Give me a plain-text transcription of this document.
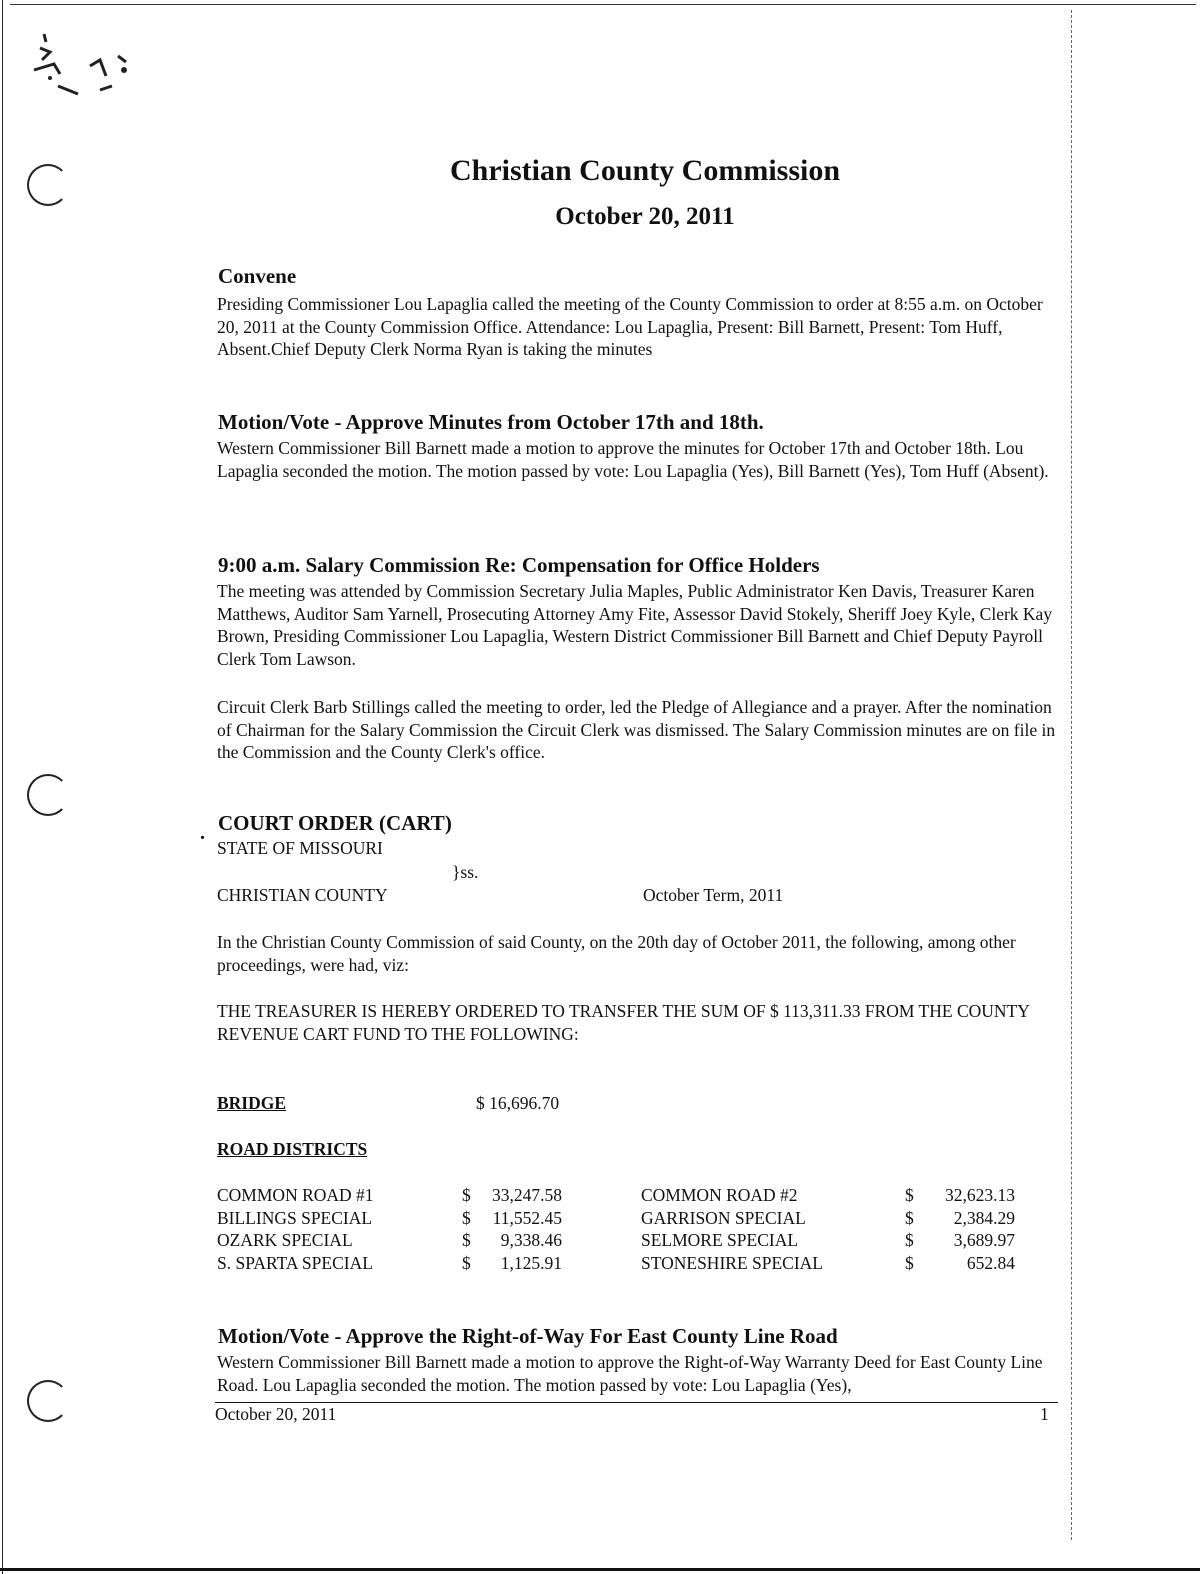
Christian County Commission
October 20, 2011
Convene
Presiding Commissioner Lou Lapaglia called the meeting of the County Commission to order at 8:55 a.m. on October 20, 2011 at the County Commission Office. Attendance: Lou Lapaglia, Present: Bill Barnett, Present: Tom Huff, Absent.Chief Deputy Clerk Norma Ryan is taking the minutes
Motion/Vote - Approve Minutes from October 17th and 18th.
Western Commissioner Bill Barnett made a motion to approve the minutes for October 17th and October 18th. Lou Lapaglia seconded the motion. The motion passed by vote: Lou Lapaglia (Yes), Bill Barnett (Yes), Tom Huff (Absent).
9:00 a.m. Salary Commission Re: Compensation for Office Holders
The meeting was attended by Commission Secretary Julia Maples, Public Administrator Ken Davis, Treasurer Karen Matthews, Auditor Sam Yarnell, Prosecuting Attorney Amy Fite, Assessor David Stokely, Sheriff Joey Kyle, Clerk Kay Brown, Presiding Commissioner Lou Lapaglia, Western District Commissioner Bill Barnett and Chief Deputy Payroll Clerk Tom Lawson.
Circuit Clerk Barb Stillings called the meeting to order, led the Pledge of Allegiance and a prayer. After the nomination of Chairman for the Salary Commission the Circuit Clerk was dismissed. The Salary Commission minutes are on file in the Commission and the County Clerk's office.
. COURT ORDER (CART)
STATE OF MISSOURI
}ss.
CHRISTIAN COUNTY	October Term, 2011
In the Christian County Commission of said County, on the 20th day of October 2011, the following, among other proceedings, were had, viz:
THE TREASURER IS HEREBY ORDERED TO TRANSFER THE SUM OF $ 113,311.33 FROM THE COUNTY REVENUE CART FUND TO THE FOLLOWING:
BRIDGE	$ 16,696.70
ROAD DISTRICTS
COMMON ROAD #1	$	33,247.58	COMMON ROAD #2	$	32,623.13
BILLINGS SPECIAL	$	11,552.45	GARRISON SPECIAL	$	2,384.29
OZARK SPECIAL	$	9,338.46	SELMORE SPECIAL	$	3,689.97
S. SPARTA SPECIAL	$	1,125.91	STONESHIRE SPECIAL	$	652.84
Motion/Vote - Approve the Right-of-Way For East County Line Road
Western Commissioner Bill Barnett made a motion to approve the Right-of-Way Warranty Deed for East County Line Road. Lou Lapaglia seconded the motion. The motion passed by vote: Lou Lapaglia (Yes),
October 20, 2011	1
